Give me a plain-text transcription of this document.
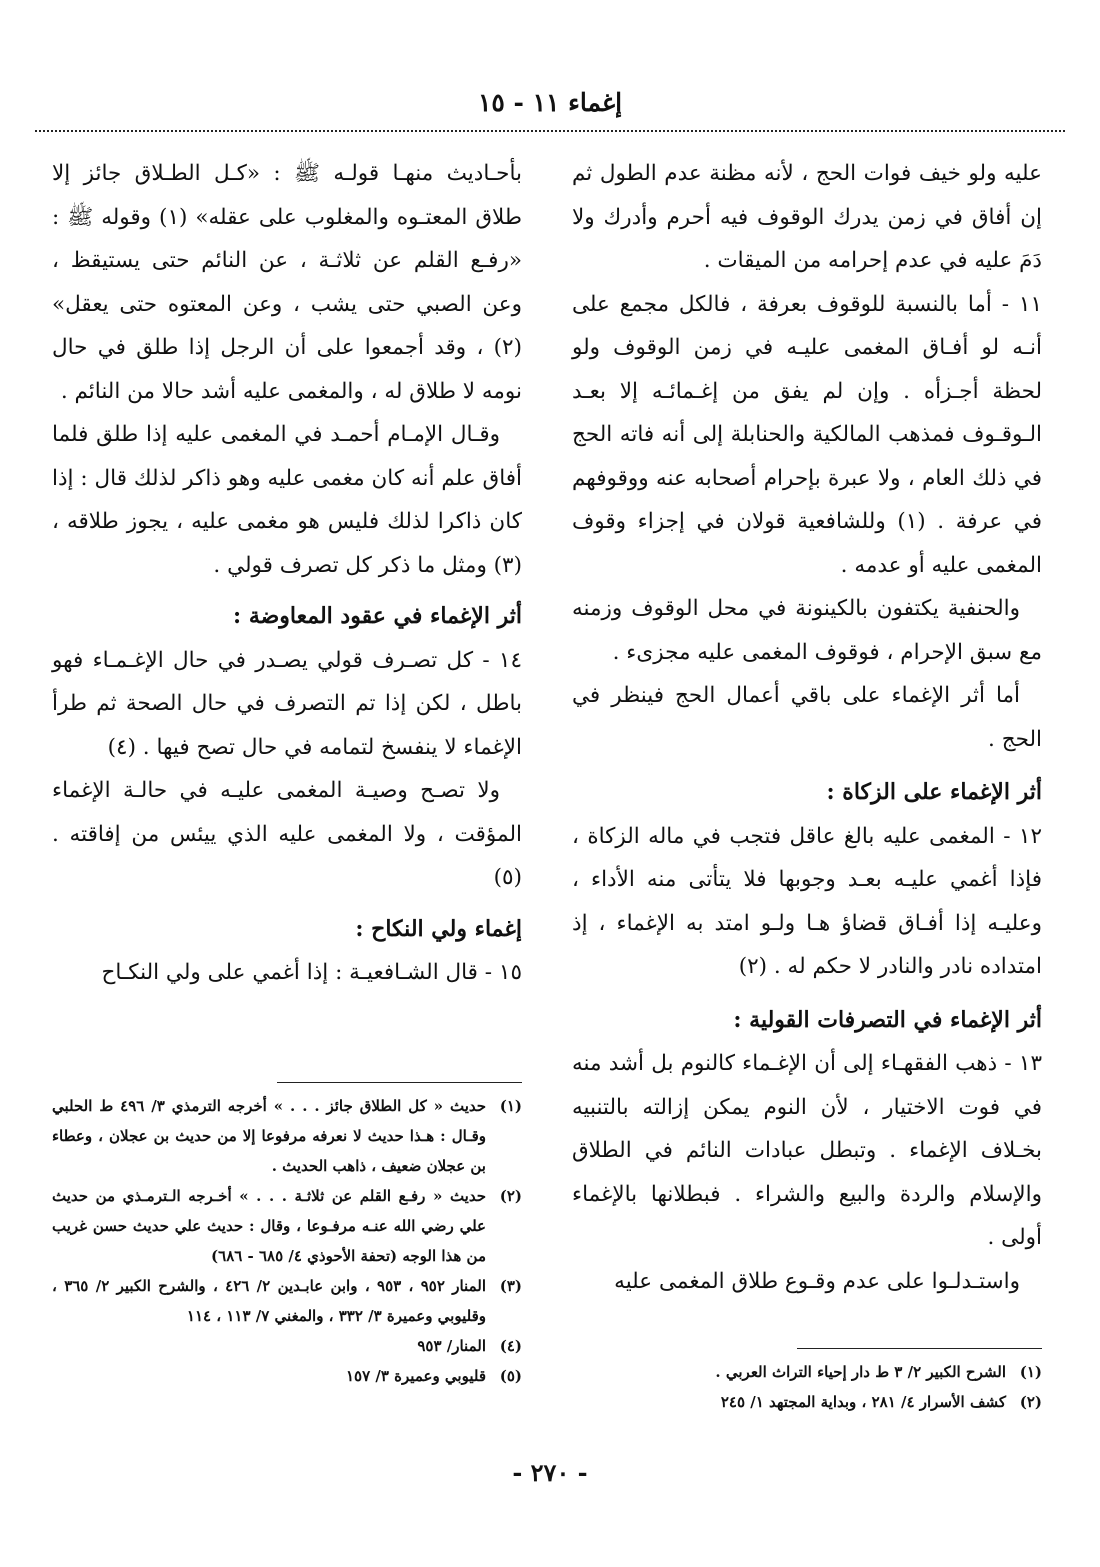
إغماء ١١ - ١٥

عليه ولو خيف فوات الحج ، لأنه مظنة عدم الطول ثم إن أفاق في زمن يدرك الوقوف فيه أحرم وأدرك ولا دَمَ عليه في عدم إحرامه من الميقات .

١١ - أما بالنسبة للوقوف بعرفة ، فالكل مجمع على أنـه لو أفـاق المغمى عليـه في زمن الوقوف ولو لحظة أجـزأه . وإن لم يفق من إغـمائـه إلا بعـد الـوقـوف فمذهب المالكية والحنابلة إلى أنه فاته الحج في ذلك العام ، ولا عبرة بإحرام أصحابه عنه ووقوفهم في عرفة . (١) وللشافعية قولان في إجزاء وقوف المغمى عليه أو عدمه .

والحنفية يكتفون بالكينونة في محل الوقوف وزمنه مع سبق الإحرام ، فوقوف المغمى عليه مجزىء .

أما أثر الإغماء على باقي أعمال الحج فينظر في الحج .

أثر الإغماء على الزكاة :

١٢ - المغمى عليه بالغ عاقل فتجب في ماله الزكاة ، فإذا أغمي عليـه بعـد وجوبها فلا يتأتى منه الأداء ، وعليـه إذا أفـاق قضاؤ هـا ولـو امتد به الإغماء ، إذ امتداده نادر والنادر لا حكم له . (٢)

أثر الإغماء في التصرفات القولية :

١٣ - ذهب الفقهـاء إلى أن الإغـماء كالنوم بل أشد منه في فوت الاختيار ، لأن النوم يمكن إزالته بالتنبيه بخـلاف الإغماء . وتبطل عبادات النائم في الطلاق والإسلام والردة والبيع والشراء . فبطلانها بالإغماء أولى .

واستـدلـوا على عدم وقـوع طلاق المغمى عليه

بأحـاديث منهـا قولـه ﷺ : «كـل الطـلاق جائز إلا طلاق المعتـوه والمغلوب على عقله» (١) وقوله ﷺ : «رفـع القلم عن ثلاثـة ، عن النائم حتى يستيقظ ، وعن الصبي حتى يشب ، وعن المعتوه حتى يعقل» (٢) ، وقد أجمعوا على أن الرجل إذا طلق في حال نومه لا طلاق له ، والمغمى عليه أشد حالا من النائم .

وقـال الإمـام أحمـد في المغمى عليه إذا طلق فلما أفاق علم أنه كان مغمى عليه وهو ذاكر لذلك قال : إذا كان ذاكرا لذلك فليس هو مغمى عليه ، يجوز طلاقه ، (٣) ومثل ما ذكر كل تصرف قولي .

أثر الإغماء في عقود المعاوضة :

١٤ - كل تصـرف قولي يصـدر في حال الإغـمـاء فهو باطل ، لكن إذا تم التصرف في حال الصحة ثم طرأ الإغماء لا ينفسخ لتمامه في حال تصح فيها . (٤)

ولا تصـح وصيـة المغمى عليـه في حالـة الإغماء المؤقت ، ولا المغمى عليه الذي ييئس من إفاقته . (٥)

إغماء ولي النكاح :

١٥ - قال الشـافعيـة : إذا أغمي على ولي النكـاح

(١)
الشرح الكبير ٢/ ٣ ط دار إحياء التراث العربي .
(٢)
كشف الأسرار ٤/ ٢٨١ ، وبداية المجتهد ١/ ٢٤٥
(١)
حديث « كل الطلاق جائز . . . » أخرجه الترمذي ٣/ ٤٩٦ ط الحلبي وقـال : هـذا حديث لا نعرفه مرفوعا إلا من حديث بن عجلان ، وعطاء بن عجلان ضعيف ، ذاهب الحديث .
(٢)
حديث « رفـع القلم عن ثلاثـة . . . » أخـرجه الـترمـذي من حديث علي رضي الله عنـه مرفـوعا ، وقال : حديث علي حديث حسن غريب من هذا الوجه (تحفة الأحوذي ٤/ ٦٨٥ - ٦٨٦)
(٣)
المنار ٩٥٢ ، ٩٥٣ ، وابن عابـدين ٢/ ٤٢٦ ، والشرح الكبير ٢/ ٣٦٥ ، وقليوبي وعميرة ٣/ ٣٣٢ ، والمغني ٧/ ١١٣ ، ١١٤
(٤)
المنار/ ٩٥٣
(٥)
قليوبي وعميرة ٣/ ١٥٧
- ٢٧٠ -
